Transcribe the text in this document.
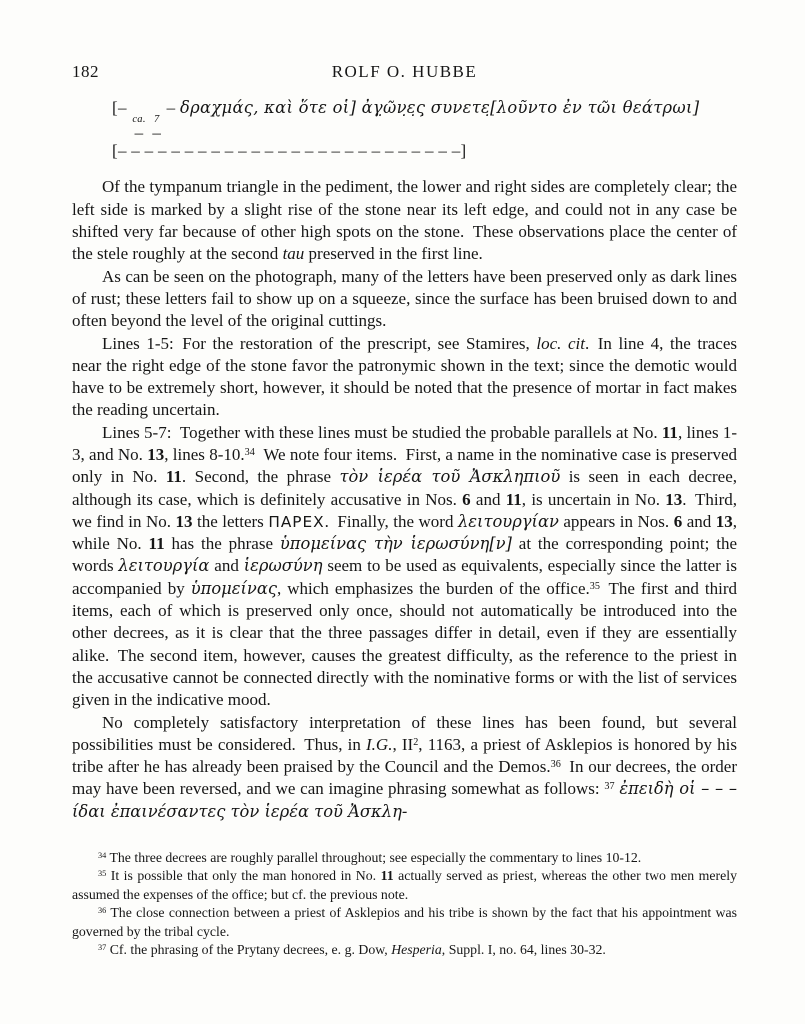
182	ROLF O. HUBBE
[–
ca.
–

7
–
– δραχμάς, καὶ ὅτε οἱ] ἀγ̣ῶν̣ε̣ς̣ συνετε̣[λοῦντο ἐν τῶι θεάτρωι]
[– – – – – – – – – – – – – – – – – – – – – – – – – –]

Of the tympanum triangle in the pediment, the lower and right sides are completely clear; the left side is marked by a slight rise of the stone near its left edge, and could not in any case be shifted very far because of other high spots on the stone. These observations place the center of the stele roughly at the second tau preserved in the first line.

As can be seen on the photograph, many of the letters have been preserved only as dark lines of rust; these letters fail to show up on a squeeze, since the surface has been bruised down to and often beyond the level of the original cuttings.

Lines 1-5: For the restoration of the prescript, see Stamires, loc. cit. In line 4, the traces near the right edge of the stone favor the patronymic shown in the text; since the demotic would have to be extremely short, however, it should be noted that the presence of mortar in fact makes the reading uncertain.

Lines 5-7: Together with these lines must be studied the probable parallels at No. 11, lines 1-3, and No. 13, lines 8-10.34 We note four items. First, a name in the nominative case is preserved only in No. 11. Second, the phrase τὸν ἱερέα τοῦ Ἀσκληπιοῦ is seen in each decree, although its case, which is definitely accusative in Nos. 6 and 11, is uncertain in No. 13. Third, we find in No. 13 the letters ΠΑΡΕΧ. Finally, the word λειτουργίαν appears in Nos. 6 and 13, while No. 11 has the phrase ὑπομείνας τὴν ἱερωσύνη[ν] at the corresponding point; the words λειτουργία and ἱερωσύνη seem to be used as equivalents, especially since the latter is accompanied by ὑπομείνας, which emphasizes the burden of the office.$^{35}$ The first and third items, each of which is preserved only once, should not automatically be introduced into the other decrees, as it is clear that the three passages differ in detail, even if they are essentially alike. The second item, however, causes the greatest difficulty, as the reference to the priest in the accusative cannot be connected directly with the nominative forms or with the list of services given in the indicative mood.

No completely satisfactory interpretation of these lines has been found, but several possibilities must be considered. Thus, in I.G., $II^2$, 1163, a priest of Asklepios is honored by his tribe after he has already been praised by the Council and the Demos.$^{36}$ In our decrees, the order may have been reversed, and we can imagine phrasing somewhat as follows: $^{37}$ ἐπειδὴ οἱ – – – ίδαι ἐπαινέσαντες τὸν ἱερέα τοῦ Ἀσκλη-

$^{34}$ The three decrees are roughly parallel throughout; see especially the commentary to lines 10-12.

$^{35}$ It is possible that only the man honored in No. 11 actually served as priest, whereas the other two men merely assumed the expenses of the office; but cf. the previous note.

$^{36}$ The close connection between a priest of Asklepios and his tribe is shown by the fact that his appointment was governed by the tribal cycle.

$^{37}$ Cf. the phrasing of the Prytany decrees, e. g. Dow, Hesperia, Suppl. I, no. 64, lines 30-32.
